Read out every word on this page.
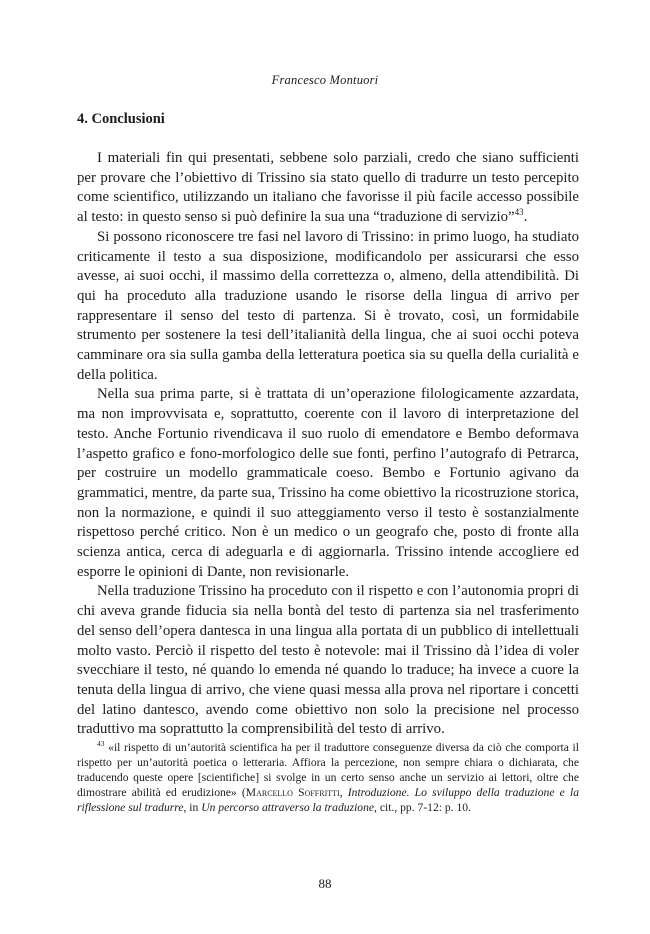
Francesco Montuori
4. Conclusioni

I materiali fin qui presentati, sebbene solo parziali, credo che siano sufficienti per provare che l’obiettivo di Trissino sia stato quello di tradurre un testo percepito come scientifico, utilizzando un italiano che favorisse il più facile accesso possibile al testo: in questo senso si può definire la sua una “traduzione di servizio”$^{43}$.

Si possono riconoscere tre fasi nel lavoro di Trissino: in primo luogo, ha studiato criticamente il testo a sua disposizione, modificandolo per assicurarsi che esso avesse, ai suoi occhi, il massimo della correttezza o, almeno, della attendibilità. Di qui ha proceduto alla traduzione usando le risorse della lingua di arrivo per rappresentare il senso del testo di partenza. Si è trovato, così, un formidabile strumento per sostenere la tesi dell’italianità della lingua, che ai suoi occhi poteva camminare ora sia sulla gamba della letteratura poetica sia su quella della curialità e della politica.

Nella sua prima parte, si è trattata di un’operazione filologicamente azzardata, ma non improvvisata e, soprattutto, coerente con il lavoro di interpretazione del testo. Anche Fortunio rivendicava il suo ruolo di emendatore e Bembo deformava l’aspetto grafico e fono-morfologico delle sue fonti, perfino l’autografo di Petrarca, per costruire un modello grammaticale coeso. Bembo e Fortunio agivano da grammatici, mentre, da parte sua, Trissino ha come obiettivo la ricostruzione storica, non la normazione, e quindi il suo atteggiamento verso il testo è sostanzialmente rispettoso perché critico. Non è un medico o un geografo che, posto di fronte alla scienza antica, cerca di adeguarla e di aggiornarla. Trissino intende accogliere ed esporre le opinioni di Dante, non revisionarle.

Nella traduzione Trissino ha proceduto con il rispetto e con l’autonomia propri di chi aveva grande fiducia sia nella bontà del testo di partenza sia nel trasferimento del senso dell’opera dantesca in una lingua alla portata di un pubblico di intellettuali molto vasto. Perciò il rispetto del testo è notevole: mai il Trissino dà l’idea di voler svecchiare il testo, né quando lo emenda né quando lo traduce; ha invece a cuore la tenuta della lingua di arrivo, che viene quasi messa alla prova nel riportare i concetti del latino dantesco, avendo come obiettivo non solo la precisione nel processo traduttivo ma soprattutto la comprensibilità del testo di arrivo.

$^{43}$ «il rispetto di un’autorità scientifica ha per il traduttore conseguenze diversa da ciò che comporta il rispetto per un’autorità poetica o letteraria. Affiora la percezione, non sempre chiara o dichiarata, che traducendo queste opere [scientifiche] si svolge in un certo senso anche un servizio ai lettori, oltre che dimostrare abilità ed erudizione» (Marcello Soffritti, Introduzione. Lo sviluppo della traduzione e la riflessione sul tradurre, in Un percorso attraverso la traduzione, cit., pp. 7-12: p. 10.
88
